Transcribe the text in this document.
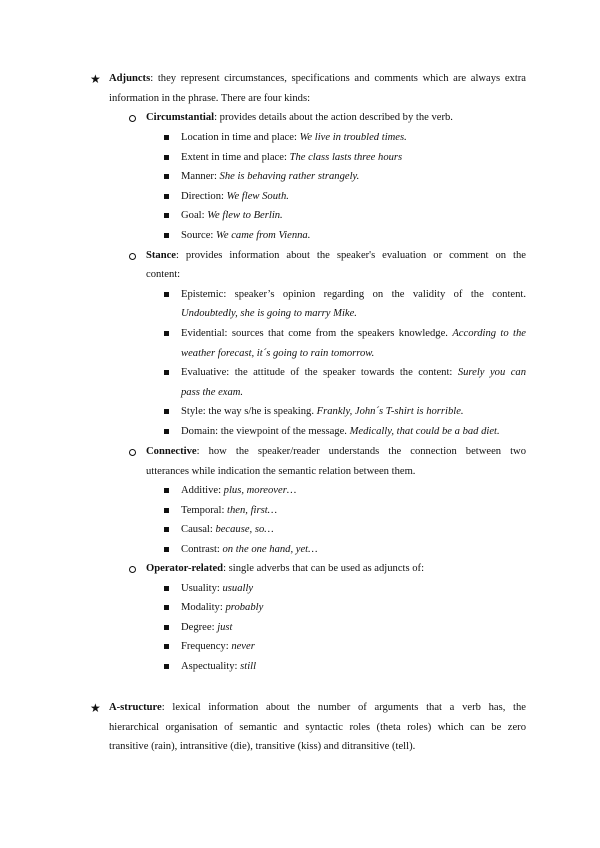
★ Adjuncts: they represent circumstances, specifications and comments which are always extra
information in the phrase. There are four kinds:
Circumstantial: provides details about the action described by the verb.
Location in time and place: We live in troubled times.
Extent in time and place: The class lasts three hours
Manner: She is behaving rather strangely.
Direction: We flew South.
Goal: We flew to Berlin.
Source: We came from Vienna.
Stance: provides information about the speaker's evaluation or comment on the
content:
Epistemic: speaker’s opinion regarding on the validity of the content.
Undoubtedly, she is going to marry Mike.
Evidential: sources that come from the speakers knowledge. According to the
weather forecast, it´s going to rain tomorrow.
Evaluative: the attitude of the speaker towards the content: Surely you can
pass the exam.
Style: the way s/he is speaking. Frankly, John´s T-shirt is horrible.
Domain: the viewpoint of the message. Medically, that could be a bad diet.
Connective: how the speaker/reader understands the connection between two
utterances while indication the semantic relation between them.
Additive: plus, moreover…
Temporal: then, first…
Causal: because, so…
Contrast: on the one hand, yet…
Operator-related: single adverbs that can be used as adjuncts of:
Usuality: usually
Modality: probably
Degree: just
Frequency: never
Aspectuality: still
★ A-structure: lexical information about the number of arguments that a verb has, the
hierarchical organisation of semantic and syntactic roles (theta roles) which can be zero
transitive (rain), intransitive (die), transitive (kiss) and ditransitive (tell).
